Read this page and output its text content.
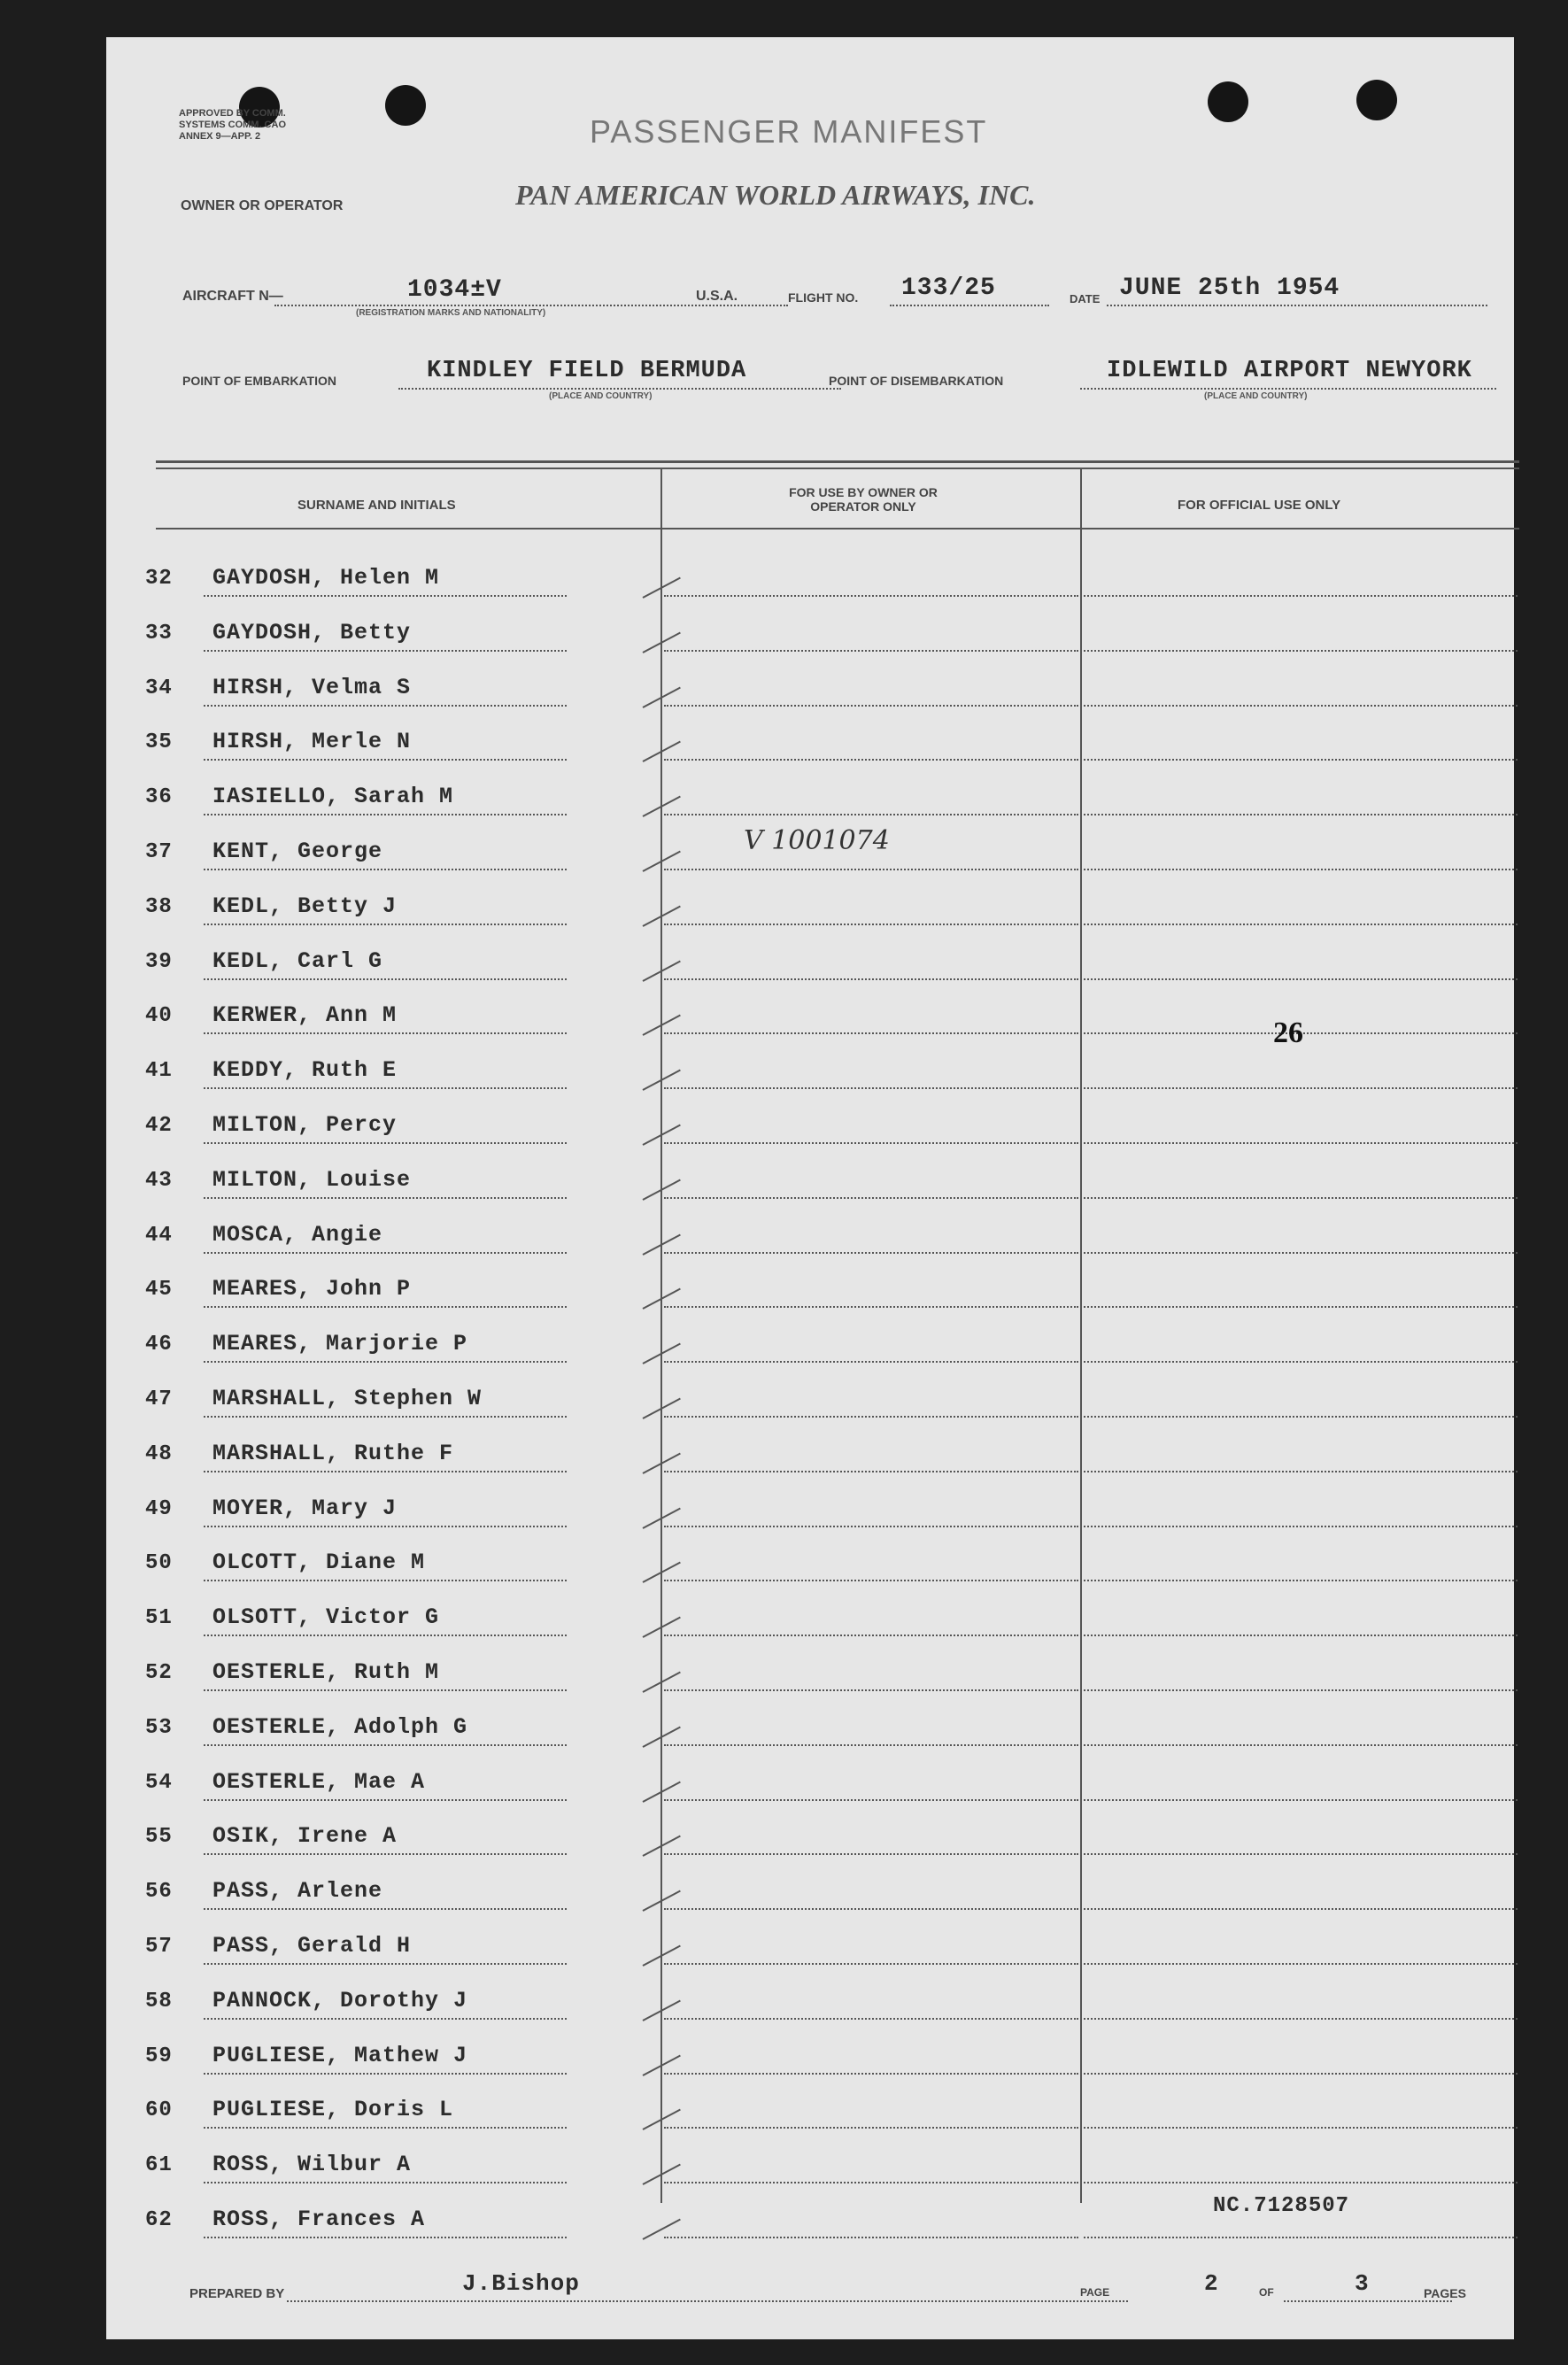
APPROVED BY COMM. SYSTEMS COMM. CAO ANNEX 9—APP. 2	PASSENGER MANIFEST
OWNER OR OPERATOR	PAN AMERICAN WORLD AIRWAYS, INC.
AIRCRAFT N—	1034±V
(REGISTRATION MARKS AND NATIONALITY)
U.S.A.	FLIGHT NO. 133/25	DATE JUNE 25th 1954
POINT OF EMBARKATION	KINDLEY FIELD BERMUDA
(PLACE AND COUNTRY)
POINT OF DISEMBARKATION	IDLEWILD AIRPORT NEWYORK
(PLACE AND COUNTRY)
SURNAME AND INITIALS
FOR USE BY OWNER OR OPERATOR ONLY	FOR OFFICIAL USE ONLY
32 GAYDOSH, Helen M
33 GAYDOSH, Betty
34 HIRSH, Velma S
35 HIRSH, Merle N
36 IASIELLO, Sarah M
37 KENT, George
38 KEDL, Betty J
39 KEDL, Carl G
40 KERWER, Ann M
41 KEDDY, Ruth E
42 MILTON, Percy
43 MILTON, Louise
44 MOSCA, Angie
45 MEARES, John P
46 MEARES, Marjorie P
47 MARSHALL, Stephen W
48 MARSHALL, Ruthe F
49 MOYER, Mary J
50 OLCOTT, Diane M
51 OLSOTT, Victor G
52 OESTERLE, Ruth M
53 OESTERLE, Adolph G
54 OESTERLE, Mae A
55 OSIK, Irene A
56 PASS, Arlene
57 PASS, Gerald H
58 PANNOCK, Dorothy J
59 PUGLIESE, Mathew J
60 PUGLIESE, Doris L
61 ROSS, Wilbur A
62 ROSS, Frances A
V 1001074
26
NC.7128507
PREPARED BY	J.Bishop	PAGE	2	OF	3	PAGES
